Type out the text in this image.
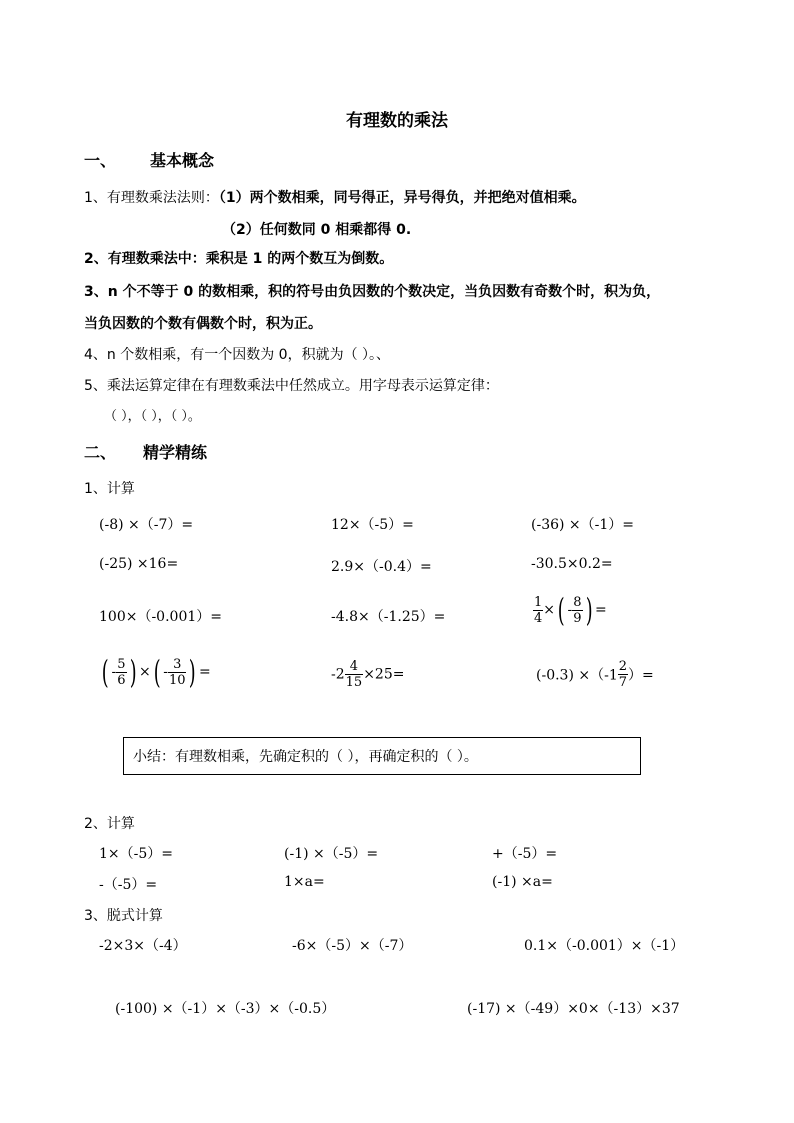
有理数的乘法
一、 基本概念
1、有理数乘法法则：（1）两个数相乘，同号得正，异号得负，并把绝对值相乘。
（2）任何数同 0 相乘都得 0.
2、有理数乘法中：乘积是 1 的两个数互为倒数。
3、n 个不等于 0 的数相乘，积的符号由负因数的个数决定，当负因数有奇数个时，积为负，
当负因数的个数有偶数个时，积为正。
4、n 个数相乘，有一个因数为 0，积就为（ ）。、
5、乘法运算定律在有理数乘法中任然成立。用字母表示运算定律：
（ ），（ ），（ ）。
二、 精学精练
1、计算
(-8) ×（-7）=	12×（-5）=	(-36) ×（-1）=
(-25) ×16=	2.9×（-0.4）=	-30.5×0.2=
100×（-0.001）=	-4.8×（-1.25）=	$\frac{1}{4}$ ×( - $\frac{8}{9}$ ) =
( - $\frac{5}{6}$ ) ×( - $\frac{3}{10}$ ) =	$-2 \frac{4}{15} \times 25=$	$(-0.3) \times(-1 \frac{2}{7}$ ）=
小结：有理数相乘，先确定积的（ ），再确定积的（ ）。
2、计算
1×（-5）=	(-1) ×（-5）=	+（-5）=
-（-5）=	1×a=	(-1) ×a=
3、脱式计算
-2×3×（-4）	-6×（-5）×（-7）	0.1×（-0.001）×（-1）
(-100) ×（-1）×（-3）×（-0.5）	(-17) ×（-49）×0×（-13）×37
